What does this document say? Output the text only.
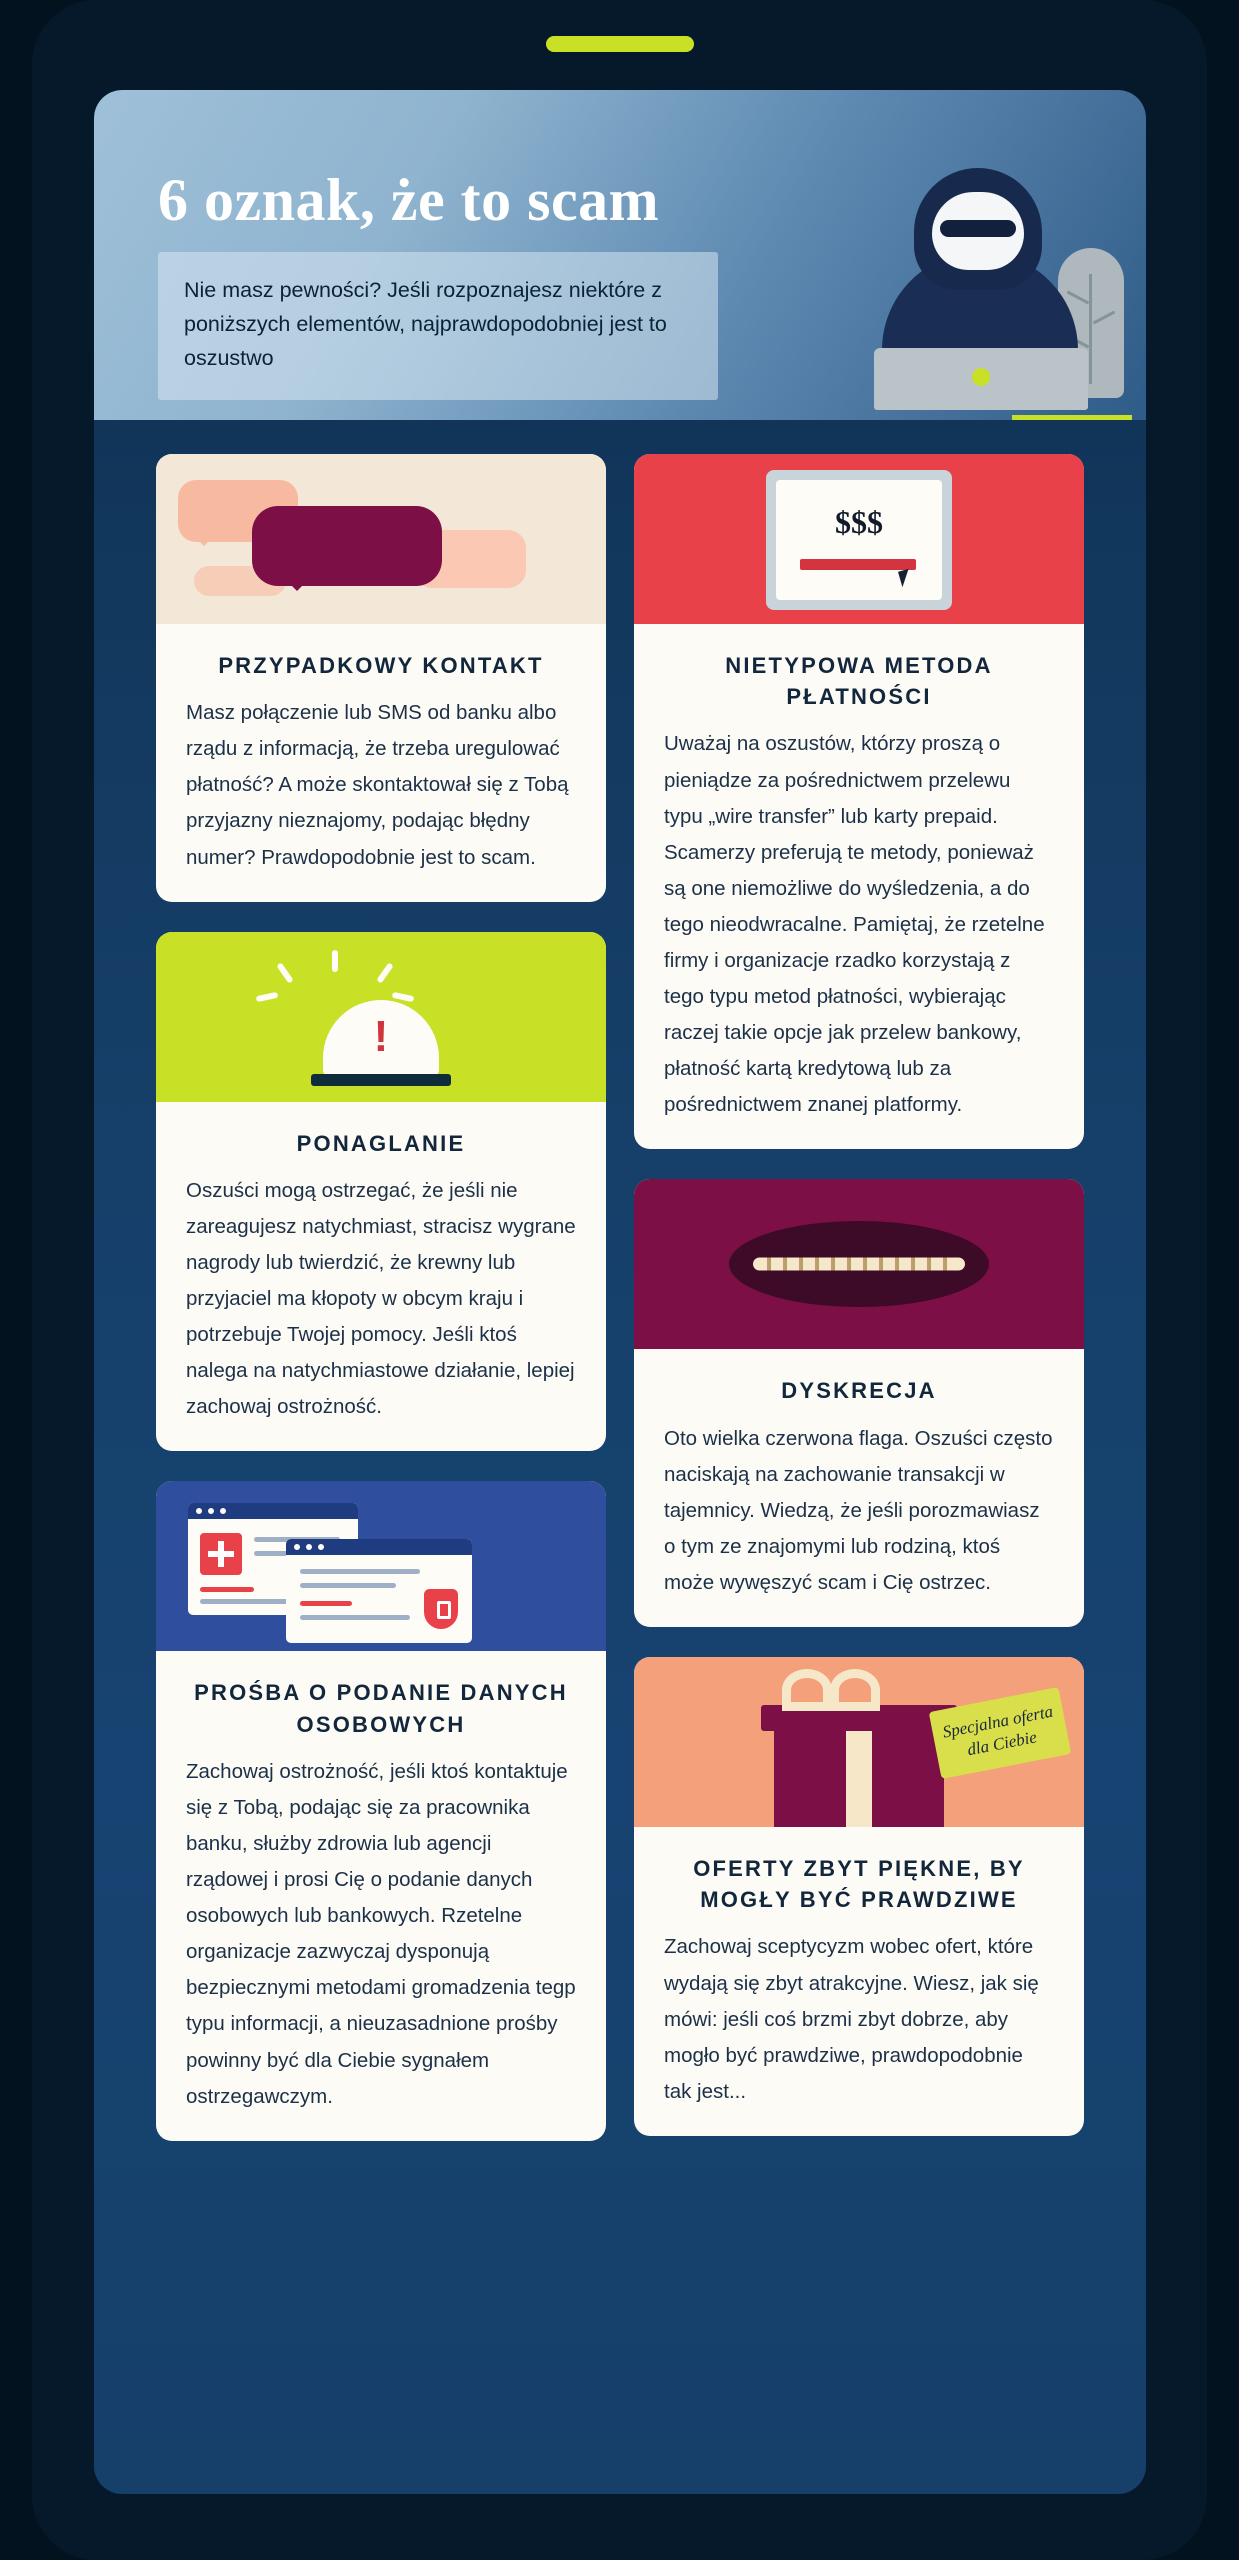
6 oznak, że to scam
Nie masz pewności? Jeśli rozpoznajesz niektóre z poniższych elementów, najprawdopodobniej jest to oszustwo
PRZYPADKOWY KONTAKT
Masz połączenie lub SMS od banku albo rządu z informacją, że trzeba uregulować płatność? A może skontaktował się z Tobą przyjazny nieznajomy, podając błędny numer? Prawdopodobnie jest to scam.
!
PONAGLANIE
Oszuści mogą ostrzegać, że jeśli nie zareagujesz natychmiast, stracisz wygrane nagrody lub twierdzić, że krewny lub przyjaciel ma kłopoty w obcym kraju i potrzebuje Twojej pomocy. Jeśli ktoś nalega na natychmiastowe działanie, lepiej zachowaj ostrożność.
PROŚBA O PODANIE DANYCH OSOBOWYCH
Zachowaj ostrożność, jeśli ktoś kontaktuje się z Tobą, podając się za pracownika banku, służby zdrowia lub agencji rządowej i prosi Cię o podanie danych osobowych lub bankowych. Rzetelne organizacje zazwyczaj dysponują bezpiecznymi metodami gromadzenia tegp typu informacji, a nieuzasadnione prośby powinny być dla Ciebie sygnałem ostrzegawczym.
$$$
NIETYPOWA METODA PŁATNOŚCI
Uważaj na oszustów, którzy proszą o pieniądze za pośrednictwem przelewu typu „wire transfer” lub karty prepaid. Scamerzy preferują te metody, ponieważ są one niemożliwe do wyśledzenia, a do tego nieodwracalne. Pamiętaj, że rzetelne firmy i organizacje rzadko korzystają z tego typu metod płatności, wybierając raczej takie opcje jak przelew bankowy, płatność kartą kredytową lub za pośrednictwem znanej platformy.
DYSKRECJA
Oto wielka czerwona flaga. Oszuści często naciskają na zachowanie transakcji w tajemnicy. Wiedzą, że jeśli porozmawiasz o tym ze znajomymi lub rodziną, ktoś może wywęszyć scam i Cię ostrzec.
Specjalna oferta dla Ciebie
OFERTY ZBYT PIĘKNE, BY MOGŁY BYĆ PRAWDZIWE
Zachowaj sceptycyzm wobec ofert, które wydają się zbyt atrakcyjne. Wiesz, jak się mówi: jeśli coś brzmi zbyt dobrze, aby mogło być prawdziwe, prawdopodobnie tak jest...
